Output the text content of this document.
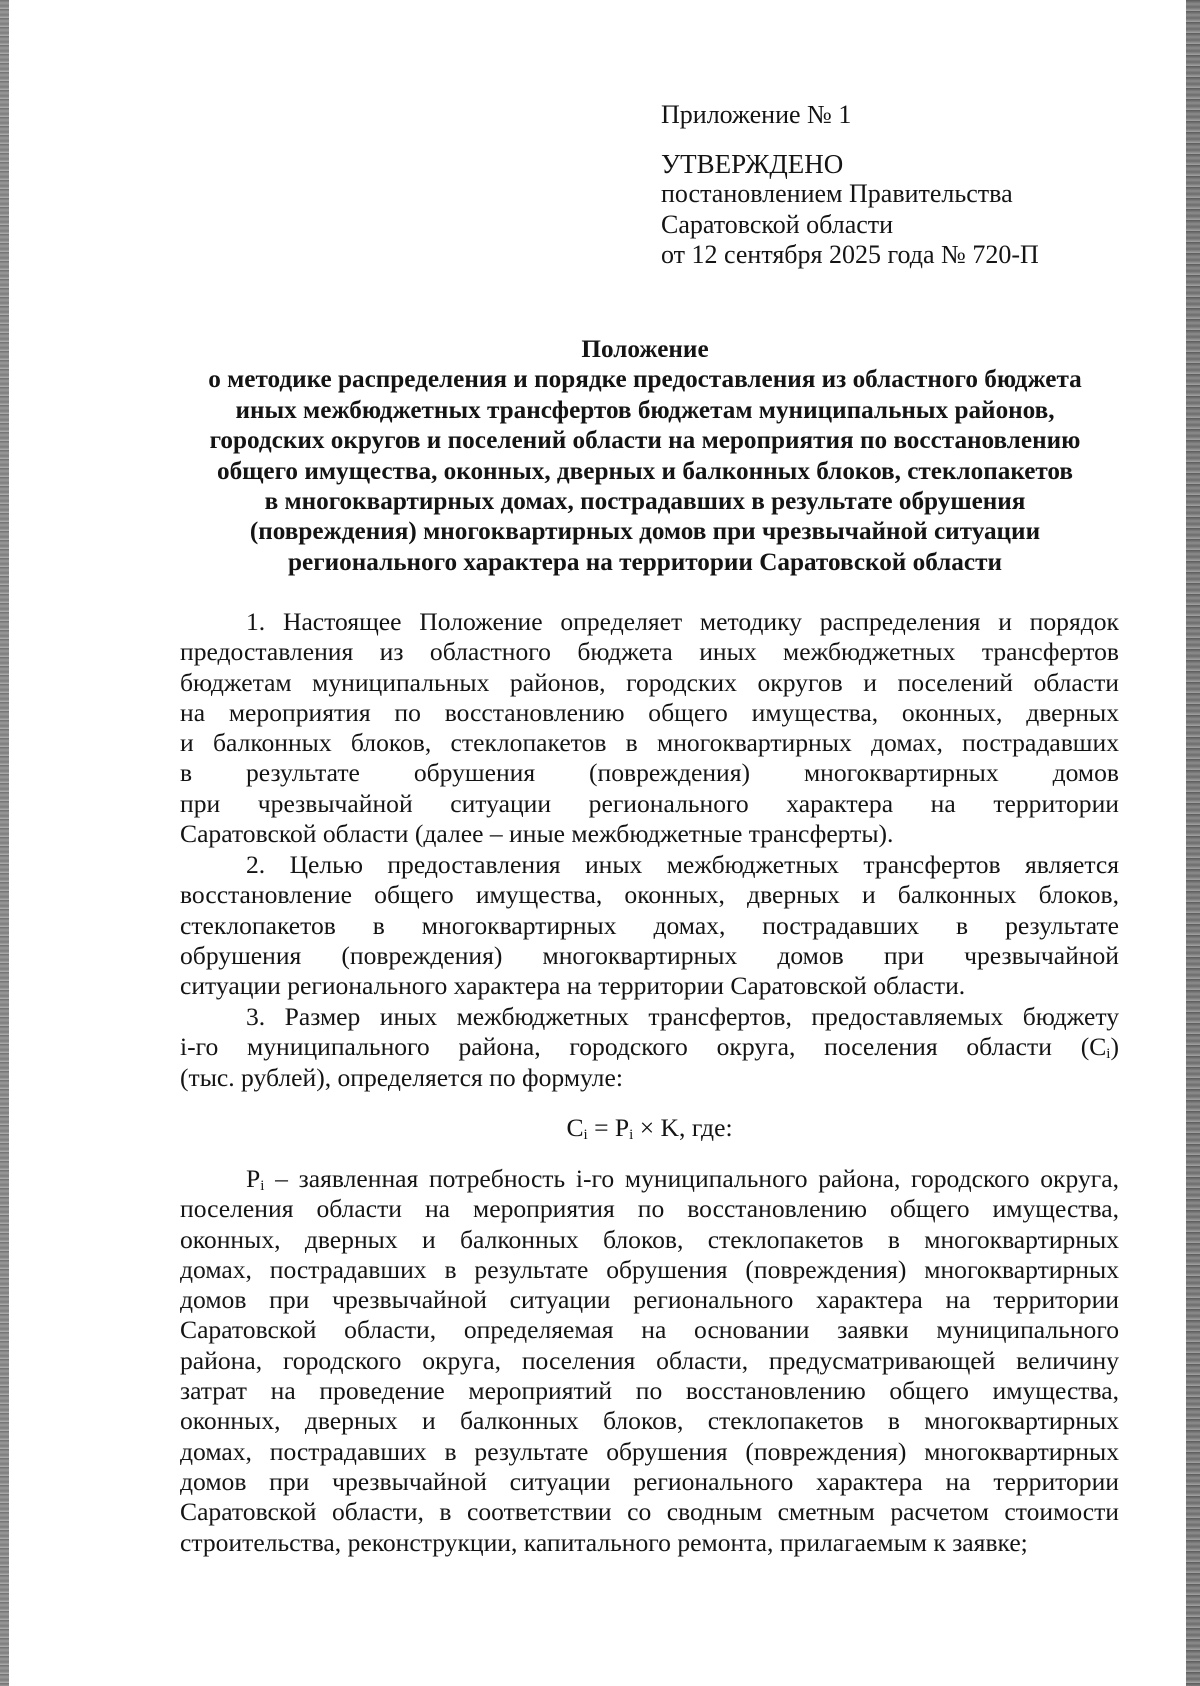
Приложение № 1
УТВЕРЖДЕНО
постановлением Правительства
Саратовской области
от 12 сентября 2025 года № 720-П
Положение
о методике распределения и порядке предоставления из областного бюджета
иных межбюджетных трансфертов бюджетам муниципальных районов,
городских округов и поселений области на мероприятия по восстановлению
общего имущества, оконных, дверных и балконных блоков, стеклопакетов
в многоквартирных домах, пострадавших в результате обрушения
(повреждения) многоквартирных домов при чрезвычайной ситуации
регионального характера на территории Саратовской области
1. Настоящее Положение определяет методику распределения и порядок
предоставления из областного бюджета иных межбюджетных трансфертов
бюджетам муниципальных районов, городских округов и поселений области
на мероприятия по восстановлению общего имущества, оконных, дверных
и балконных блоков, стеклопакетов в многоквартирных домах, пострадавших
в результате обрушения (повреждения) многоквартирных домов
при чрезвычайной ситуации регионального характера на территории
Саратовской области (далее – иные межбюджетные трансферты).
2. Целью предоставления иных межбюджетных трансфертов является
восстановление общего имущества, оконных, дверных и балконных блоков,
стеклопакетов в многоквартирных домах, пострадавших в результате
обрушения (повреждения) многоквартирных домов при чрезвычайной
ситуации регионального характера на территории Саратовской области.
3. Размер иных межбюджетных трансфертов, предоставляемых бюджету
i-го муниципального района, городского округа, поселения области (Ci)
(тыс. рублей), определяется по формуле:
$C_i = P_i \times K$, где:
Pi – заявленная потребность i-го муниципального района, городского округа,
поселения области на мероприятия по восстановлению общего имущества,
оконных, дверных и балконных блоков, стеклопакетов в многоквартирных
домах, пострадавших в результате обрушения (повреждения) многоквартирных
домов при чрезвычайной ситуации регионального характера на территории
Саратовской области, определяемая на основании заявки муниципального
района, городского округа, поселения области, предусматривающей величину
затрат на проведение мероприятий по восстановлению общего имущества,
оконных, дверных и балконных блоков, стеклопакетов в многоквартирных
домах, пострадавших в результате обрушения (повреждения) многоквартирных
домов при чрезвычайной ситуации регионального характера на территории
Саратовской области, в соответствии со сводным сметным расчетом стоимости
строительства, реконструкции, капитального ремонта, прилагаемым к заявке;
